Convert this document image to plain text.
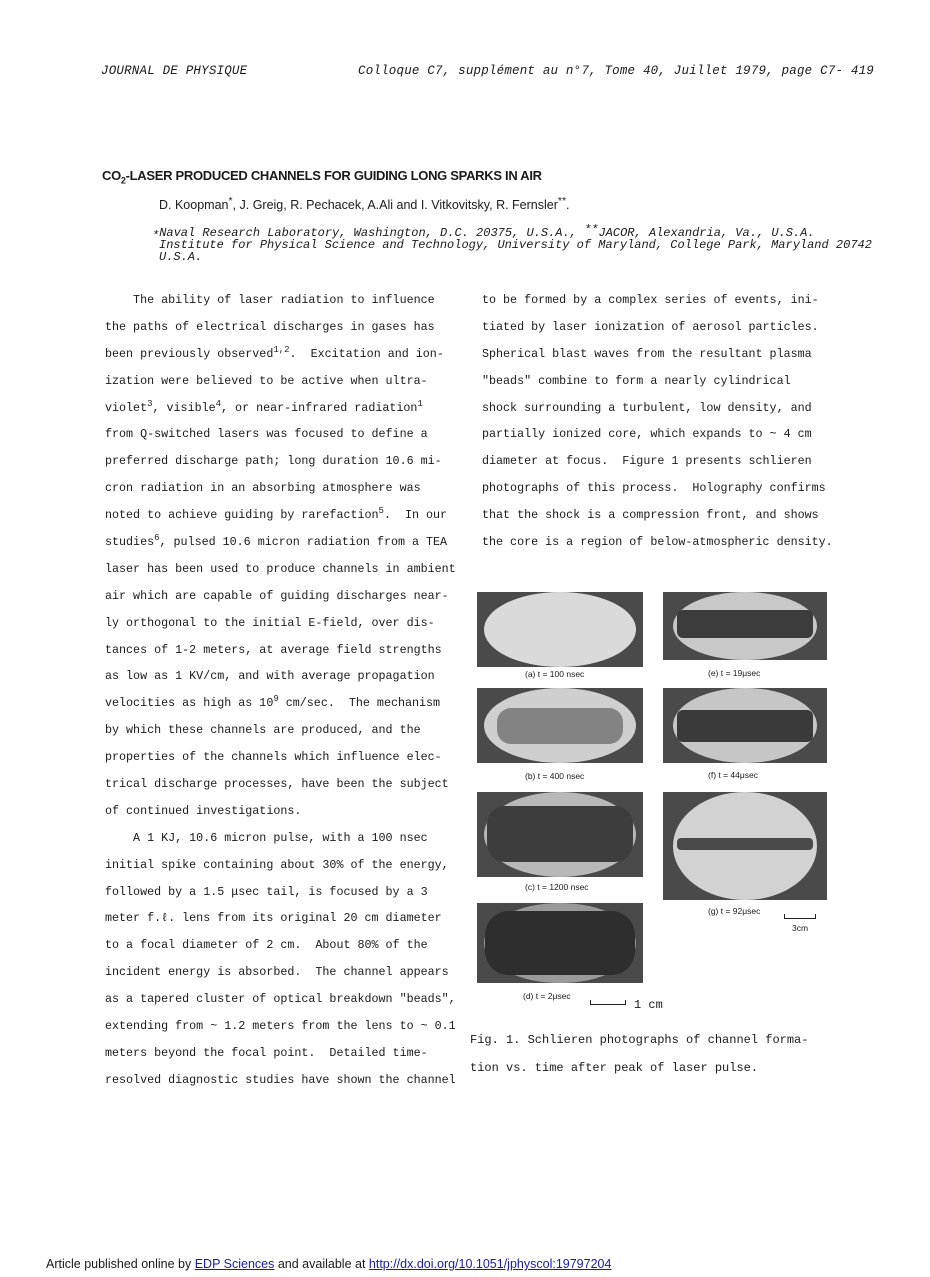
JOURNAL DE PHYSIQUE	Colloque C7, supplément au n°7, Tome 40, Juillet 1979, page C7- 419
$CO_2$-LASER PRODUCED CHANNELS FOR GUIDING LONG SPARKS IN AIR
D. Koopman*, J. Greig, R. Pechacek, A.Ali and I. Vitkovitsky, R. Fernsler**.
*Naval Research Laboratory, Washington, D.C. 20375, U.S.A., **JACOR, Alexandria, Va., U.S.A.
Institute for Physical Science and Technology, University of Maryland, College Park, Maryland 20742
U.S.A.
The ability of laser radiation to influence
the paths of electrical discharges in gases has
been previously observed$^{1,2}$.  Excitation and ion-
ization were believed to be active when ultra-
violet$^3$, visible$^4$, or near-infrared radiation$^1$
from Q-switched lasers was focused to define a
preferred discharge path; long duration 10.6 mi-
cron radiation in an absorbing atmosphere was
noted to achieve guiding by rarefaction$^5$.  In our
studies$^6$, pulsed 10.6 micron radiation from a TEA
laser has been used to produce channels in ambient
air which are capable of guiding discharges near-
ly orthogonal to the initial E-field, over dis-
tances of 1-2 meters, at average field strengths
as low as 1 KV/cm, and with average propagation
velocities as high as $10^9$ cm/sec.  The mechanism
by which these channels are produced, and the
properties of the channels which influence elec-
trical discharge processes, have been the subject
of continued investigations.
A 1 KJ, 10.6 micron pulse, with a 100 nsec
initial spike containing about 30% of the energy,
followed by a 1.5 μsec tail, is focused by a 3
meter f.ℓ. lens from its original 20 cm diameter
to a focal diameter of 2 cm.  About 80% of the
incident energy is absorbed.  The channel appears
as a tapered cluster of optical breakdown "beads",
extending from ~ 1.2 meters from the lens to ~ 0.1
meters beyond the focal point.  Detailed time-
resolved diagnostic studies have shown the channel
to be formed by a complex series of events, ini-
tiated by laser ionization of aerosol particles.
Spherical blast waves from the resultant plasma
"beads" combine to form a nearly cylindrical
shock surrounding a turbulent, low density, and
partially ionized core, which expands to ~ 4 cm
diameter at focus.  Figure 1 presents schlieren
photographs of this process.  Holography confirms
that the shock is a compression front, and shows
the core is a region of below-atmospheric density.
(a) t = 100 nsec
(b) t = 400 nsec
(c) t = 1200 nsec
(d) t = 2μsec
(e) t = 19μsec
(f) t = 44μsec
(g) t = 92μsec
3cm
1 cm
Fig. 1. Schlieren photographs of channel forma-
tion vs. time after peak of laser pulse.
Article published online by EDP Sciences and available at http://dx.doi.org/10.1051/jphyscol:19797204
